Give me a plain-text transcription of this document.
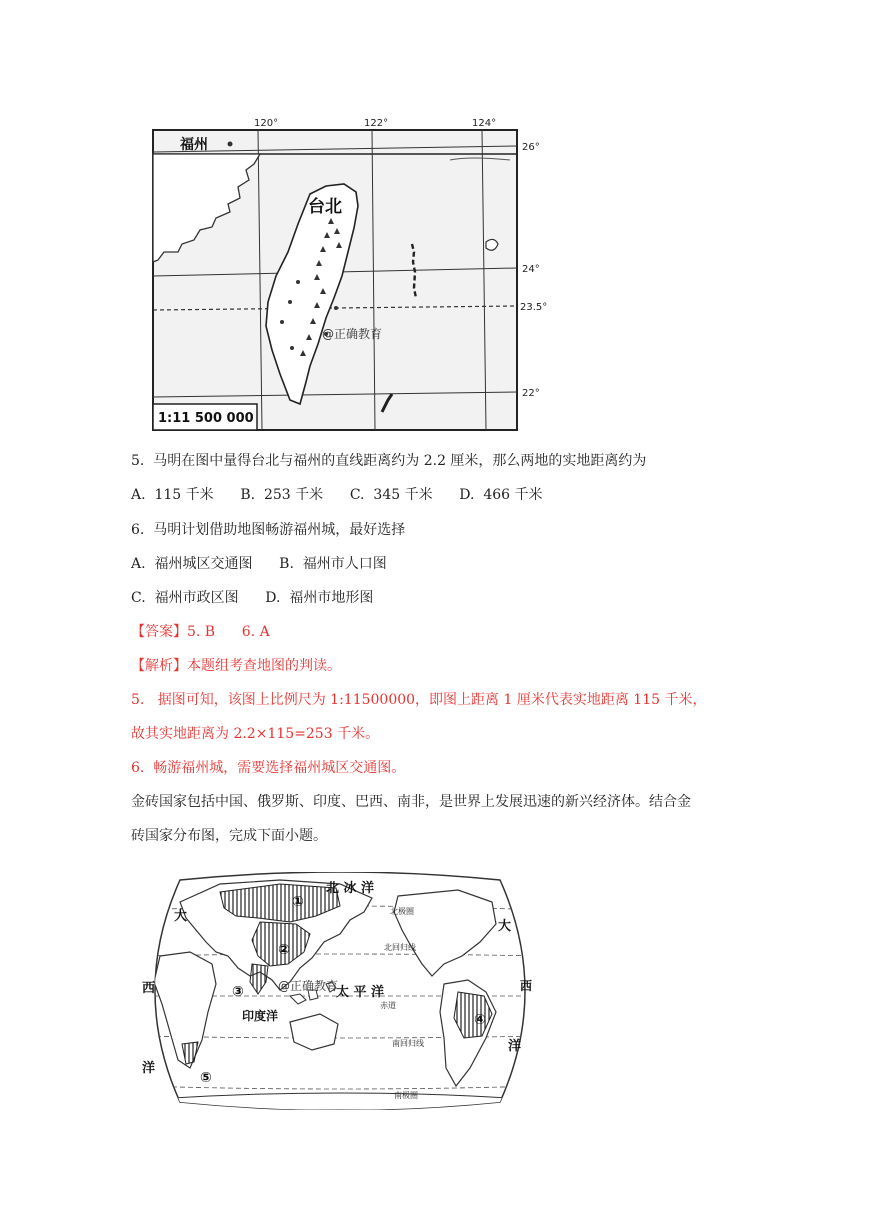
1:11 500 000
福州
台北
120°	122°	124°
26°
24°
23.5°
22°
@正确教育
5.  马明在图中量得台北与福州的直线距离约为 2.2 厘米，那么两地的实地距离约为
A.  115 千米      B.  253 千米      C.  345 千米      D.  466 千米
6.  马明计划借助地图畅游福州城，最好选择
A.  福州城区交通图      B.  福州市人口图
C.  福州市政区图      D.  福州市地形图
【答案】5. B      6. A
【解析】本题组考查地图的判读。
5.   据图可知，该图上比例尺为 1:11500000，即图上距离 1 厘米代表实地距离 115 千米，
故其实地距离为 2.2×115=253 千米。
6.  畅游福州城，需要选择福州城区交通图。
金砖国家包括中国、俄罗斯、印度、巴西、南非，是世界上发展迅速的新兴经济体。结合金
砖国家分布图，完成下面小题。
北 冰 洋
太 平 洋
印度洋
大
西
洋
大
西
洋
北极圈
北回归线
赤道
南回归线
南极圈
①
②
③
④
⑤
@正确教育
